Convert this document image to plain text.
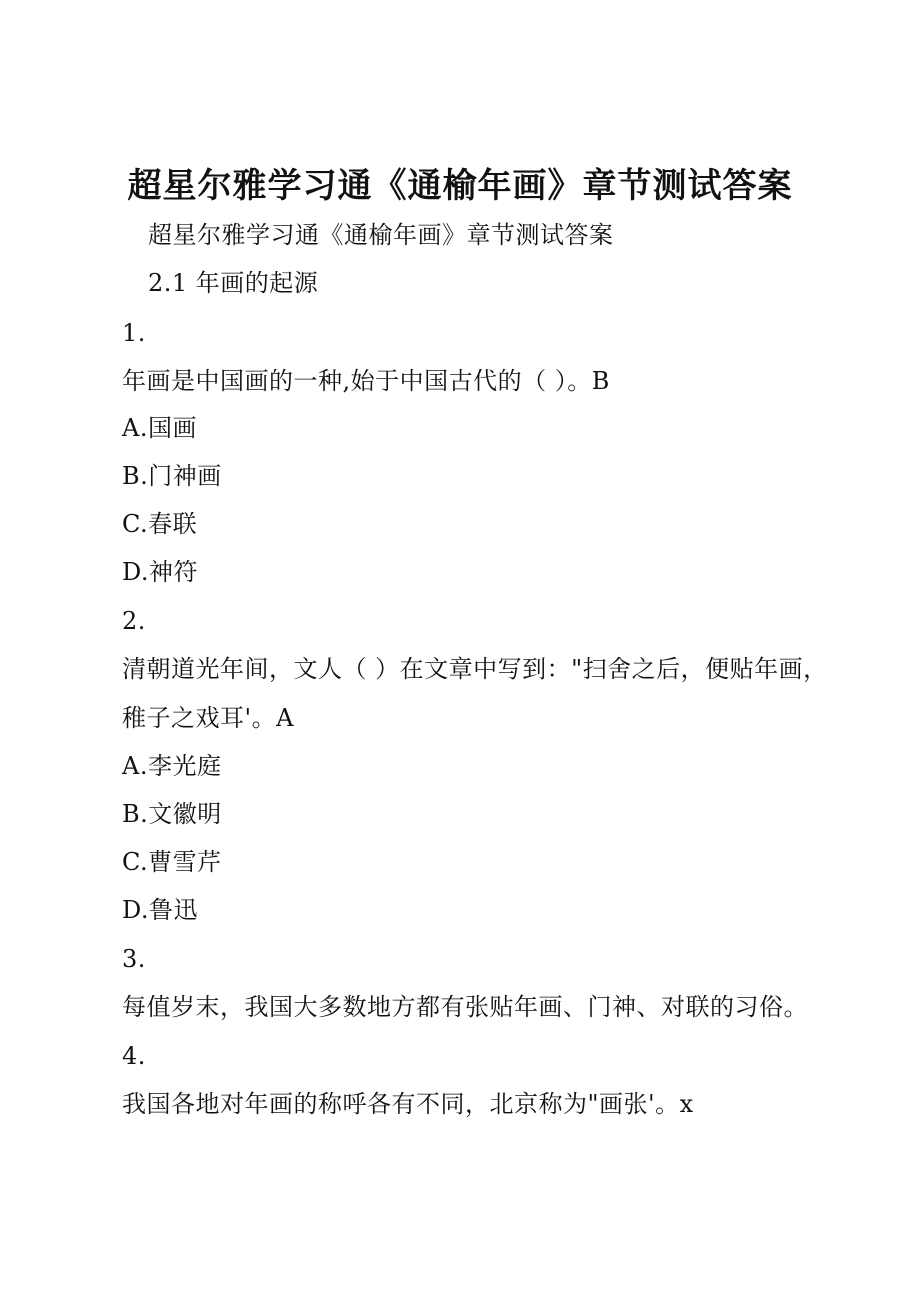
超星尔雅学习通《通榆年画》章节测试答案
超星尔雅学习通《通榆年画》章节测试答案
2.1 年画的起源
1.
年画是中国画的一种,始于中国古代的（ ）。B
A.国画
B.门神画
C.春联
D.神符
2.
清朝道光年间，文人（ ）在文章中写到："扫舍之后，便贴年画，
稚子之戏耳'。A
A.李光庭
B.文徽明
C.曹雪芹
D.鲁迅
3.
每值岁末，我国大多数地方都有张贴年画、门神、对联的习俗。
4.
我国各地对年画的称呼各有不同，北京称为"画张'。x
